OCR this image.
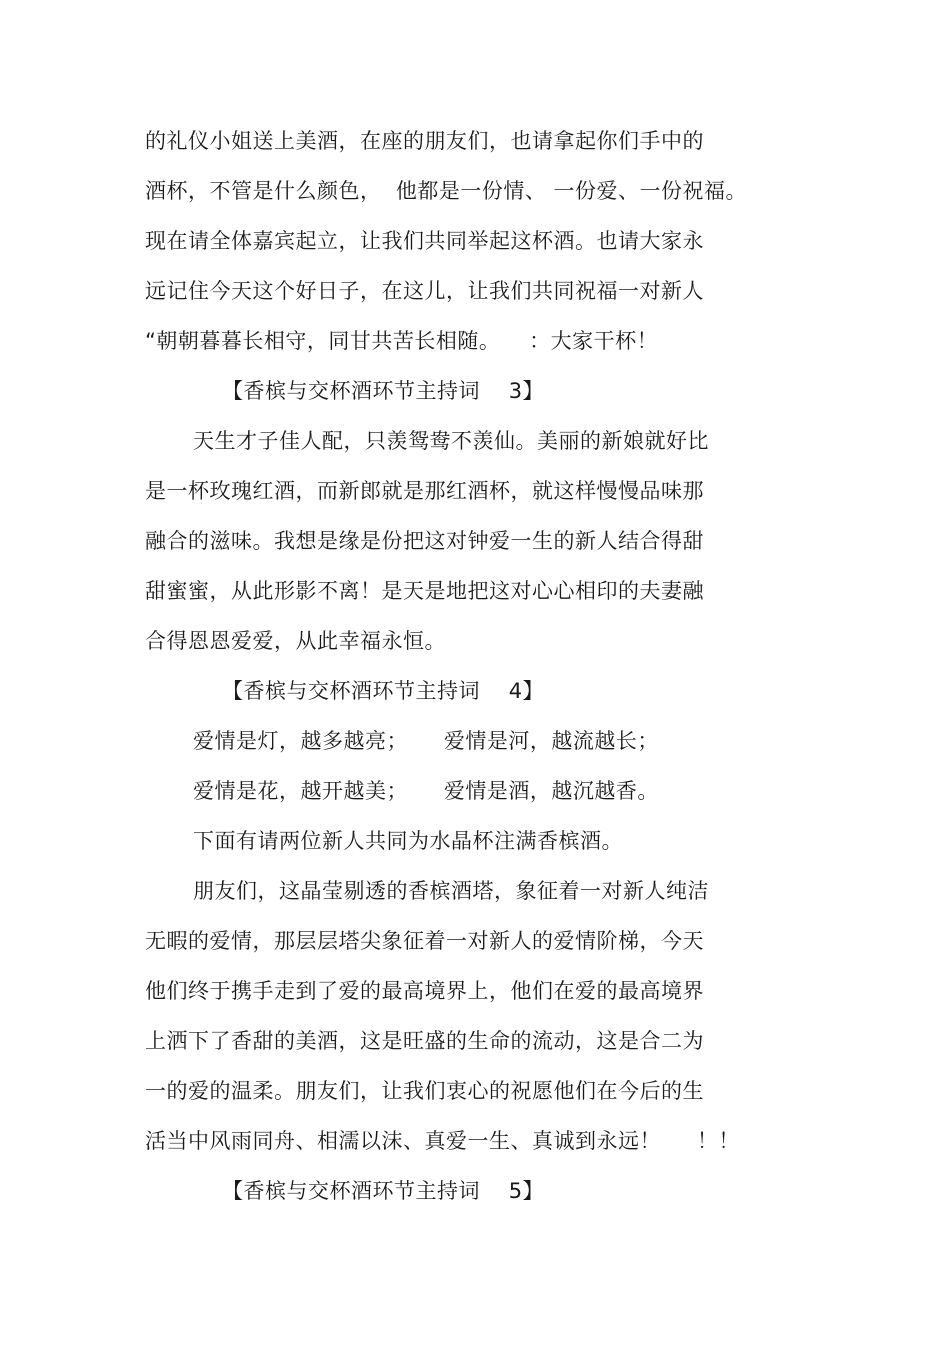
的礼仪小姐送上美酒，在座的朋友们，也请拿起你们手中的
酒杯，不管是什么颜色，  他都是一份情、 一份爱、一份祝福。
现在请全体嘉宾起立，让我们共同举起这杯酒。也请大家永
远记住今天这个好日子，在这儿，让我们共同祝福一对新人
“朝朝暮暮长相守，同甘共苦长相随。    ：大家干杯！
【香槟与交杯酒环节主持词    3】
天生才子佳人配，只羡鸳鸯不羡仙。美丽的新娘就好比
是一杯玫瑰红酒，而新郎就是那红酒杯，就这样慢慢品味那
融合的滋味。我想是缘是份把这对钟爱一生的新人结合得甜
甜蜜蜜，从此形影不离！是天是地把这对心心相印的夫妻融
合得恩恩爱爱，从此幸福永恒。
【香槟与交杯酒环节主持词    4】
爱情是灯，越多越亮；     爱情是河，越流越长；
爱情是花，越开越美；     爱情是酒，越沉越香。
下面有请两位新人共同为水晶杯注满香槟酒。
朋友们，这晶莹剔透的香槟酒塔，象征着一对新人纯洁
无暇的爱情，那层层塔尖象征着一对新人的爱情阶梯，今天
他们终于携手走到了爱的最高境界上，他们在爱的最高境界
上洒下了香甜的美酒，这是旺盛的生命的流动，这是合二为
一的爱的温柔。朋友们，让我们衷心的祝愿他们在今后的生
活当中风雨同舟、相濡以沫、真爱一生、真诚到永远！     ！！
【香槟与交杯酒环节主持词    5】
